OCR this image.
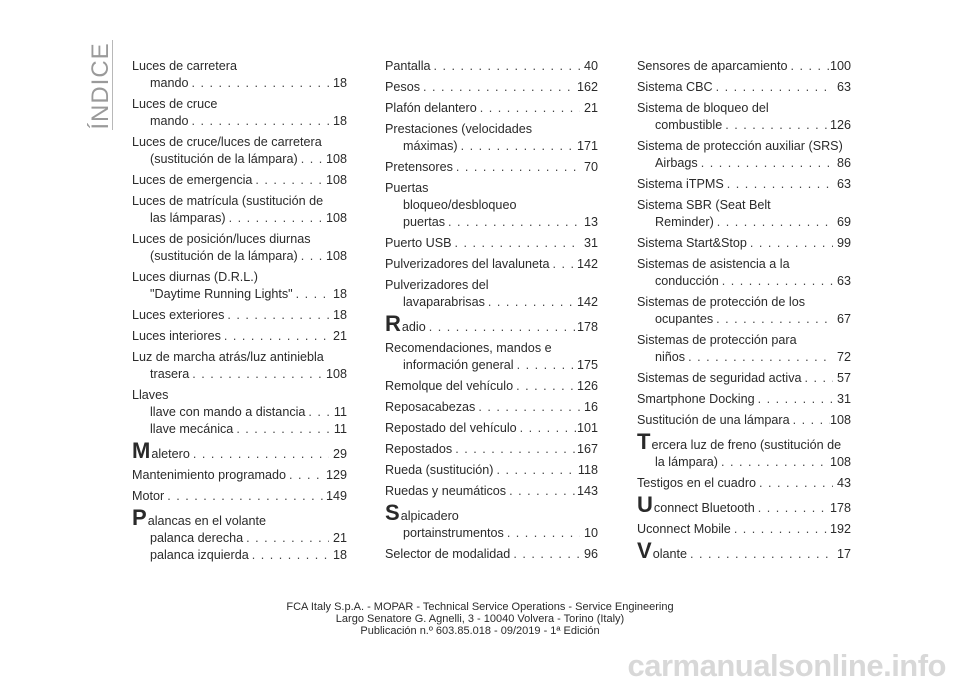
ÍNDICE Luces de carretera
mando . . .	18
Luces de cruce
mando . . .	18
Luces de cruce/luces de carretera
(sustitución de la lámpara) . . . 108
Luces de emergencia . . .	108
Luces de matrícula (sustitución de
las lámparas) . . .	108
Luces de posición/luces diurnas
(sustitución de la lámpara) . . . 108
Luces diurnas (D.R.L.)
"Daytime Running Lights" . . .	18
Luces exteriores . . .	18
Luces interiores . . .	21
Luz de marcha atrás/luz antiniebla
trasera . . .	108
Llaves
llave con mando a distancia . . .	11
llave mecánica . . .	11
M aletero . . .	29
Mantenimiento programado . . .	129
Motor . . .	149
P alancas en el volante
palanca derecha . . .	21
palanca izquierda . . .	18
Pantalla . . .	40
Pesos . . .	162
Plafón delantero . . .	21
Prestaciones (velocidades
máximas) . . .	171
Pretensores . . .	70
Puertas
bloqueo/desbloqueo
puertas . . .	13
Puerto USB . . .	31
Pulverizadores del lavaluneta . . . 142
Pulverizadores del
lavaparabrisas . . .	142
R adio . . .	178
Recomendaciones, mandos e
información general . . .	175
Remolque del vehículo . . .	126
Reposacabezas . . .	16
Repostado del vehículo . . .	101
Repostados . . .	167
Rueda (sustitución) . . .	118
Ruedas y neumáticos . . .	143
S alpicadero
portainstrumentos . . .	10
Selector de modalidad . . .	96
Sensores de aparcamiento . . .	100
Sistema CBC . . .	63
Sistema de bloqueo del
combustible . . .	126
Sistema de protección auxiliar (SRS)
Airbags . . .	86
Sistema iTPMS . . .	63
Sistema SBR (Seat Belt
Reminder) . . .	69
Sistema Start&Stop . . .	99
Sistemas de asistencia a la
conducción . . .	63
Sistemas de protección de los
ocupantes . . .	67
Sistemas de protección para
niños . . .	72
Sistemas de seguridad activa . . .	57
Smartphone Docking . . .	31
Sustitución de una lámpara . . .	108
T ercera luz de freno (sustitución de
la lámpara) . . .	108
Testigos en el cuadro . . .	43
U connect Bluetooth . . .	178
Uconnect Mobile . . .	192
V olante . . .	17
FCA Italy S.p.A. - MOPAR - Technical Service Operations - Service Engineering
Largo Senatore G. Agnelli, 3 - 10040 Volvera - Torino (Italy)
Publicación n.º 603.85.018 - 09/2019 - 1ª Edición
carmanualsonline.info
